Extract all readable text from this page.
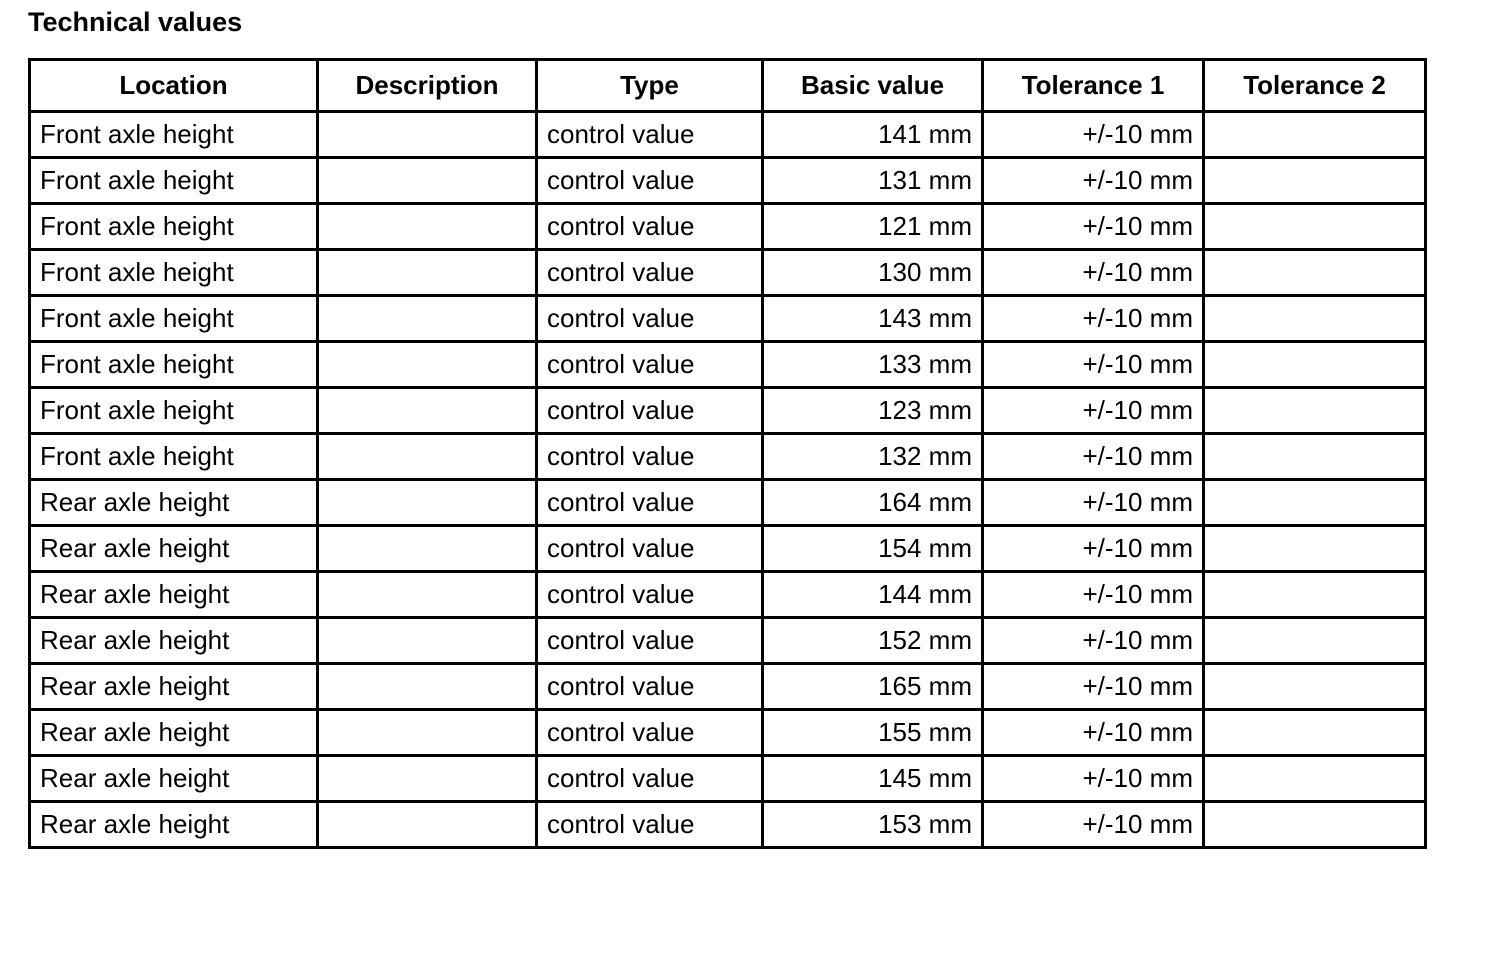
Technical values
Location	Description	Type	Basic value	Tolerance 1	Tolerance 2
Front axle height		control value	141 mm	+/-10 mm	
Front axle height		control value	131 mm	+/-10 mm	
Front axle height		control value	121 mm	+/-10 mm	
Front axle height		control value	130 mm	+/-10 mm	
Front axle height		control value	143 mm	+/-10 mm	
Front axle height		control value	133 mm	+/-10 mm	
Front axle height		control value	123 mm	+/-10 mm	
Front axle height		control value	132 mm	+/-10 mm	
Rear axle height		control value	164 mm	+/-10 mm	
Rear axle height		control value	154 mm	+/-10 mm	
Rear axle height		control value	144 mm	+/-10 mm	
Rear axle height		control value	152 mm	+/-10 mm	
Rear axle height		control value	165 mm	+/-10 mm	
Rear axle height		control value	155 mm	+/-10 mm	
Rear axle height		control value	145 mm	+/-10 mm	
Rear axle height		control value	153 mm	+/-10 mm	
